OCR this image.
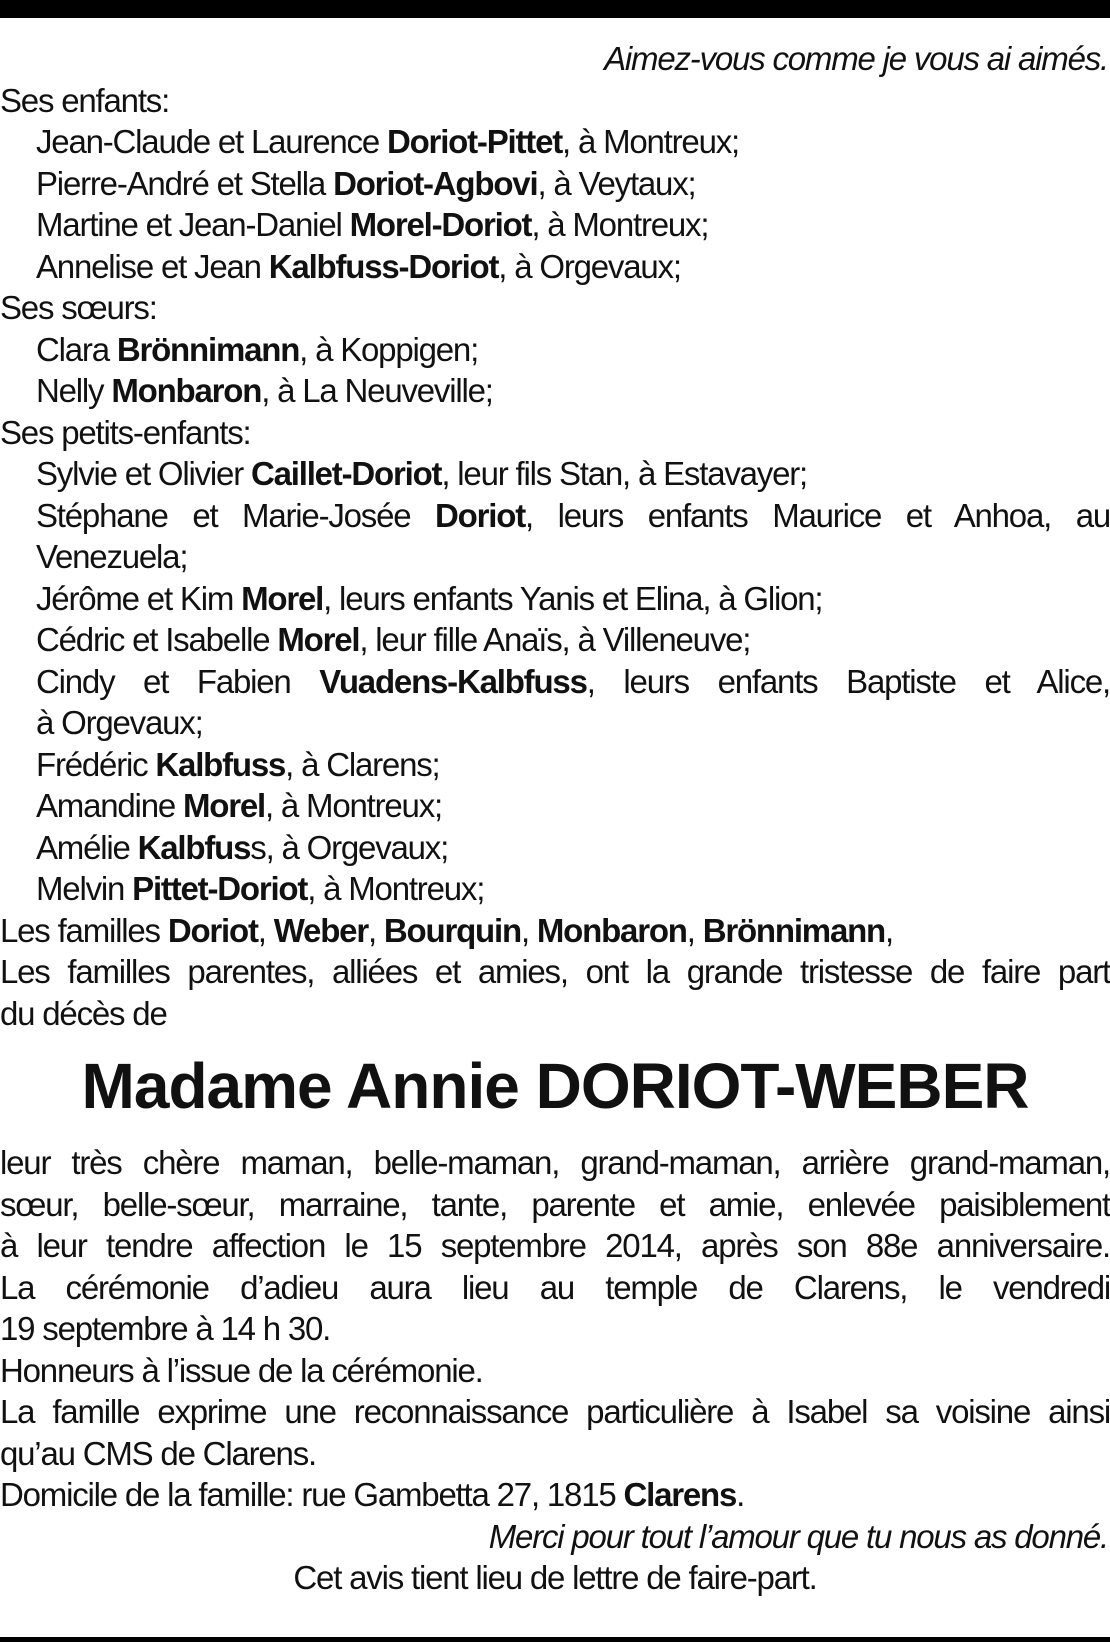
Aimez-vous comme je vous ai aimés.
Ses enfants:
Jean-Claude et Laurence Doriot-Pittet, à Montreux;
Pierre-André et Stella Doriot-Agbovi, à Veytaux;
Martine et Jean-Daniel Morel-Doriot, à Montreux;
Annelise et Jean Kalbfuss-Doriot, à Orgevaux;
Ses sœurs:
Clara Brönnimann, à Koppigen;
Nelly Monbaron, à La Neuveville;
Ses petits-enfants:
Sylvie et Olivier Caillet-Doriot, leur fils Stan, à Estavayer;
Stéphane et Marie-Josée Doriot, leurs enfants Maurice et Anhoa, au
Venezuela;
Jérôme et Kim Morel, leurs enfants Yanis et Elina, à Glion;
Cédric et Isabelle Morel, leur fille Anaïs, à Villeneuve;
Cindy et Fabien Vuadens-Kalbfuss, leurs enfants Baptiste et Alice,
à Orgevaux;
Frédéric Kalbfuss, à Clarens;
Amandine Morel, à Montreux;
Amélie Kalbfuss, à Orgevaux;
Melvin Pittet-Doriot, à Montreux;
Les familles Doriot, Weber, Bourquin, Monbaron, Brönnimann,
Les familles parentes, alliées et amies, ont la grande tristesse de faire part
du décès de
Madame Annie DORIOT-WEBER
leur très chère maman, belle-maman, grand-maman, arrière grand-maman,
sœur, belle-sœur, marraine, tante, parente et amie, enlevée paisiblement
à leur tendre affection le 15 septembre 2014, après son 88e anniversaire.
La cérémonie d’adieu aura lieu au temple de Clarens, le vendredi
19 septembre à 14 h 30.
Honneurs à l’issue de la cérémonie.
La famille exprime une reconnaissance particulière à Isabel sa voisine ainsi
qu’au CMS de Clarens.
Domicile de la famille: rue Gambetta 27, 1815 Clarens.
Merci pour tout l’amour que tu nous as donné.
Cet avis tient lieu de lettre de faire-part.
